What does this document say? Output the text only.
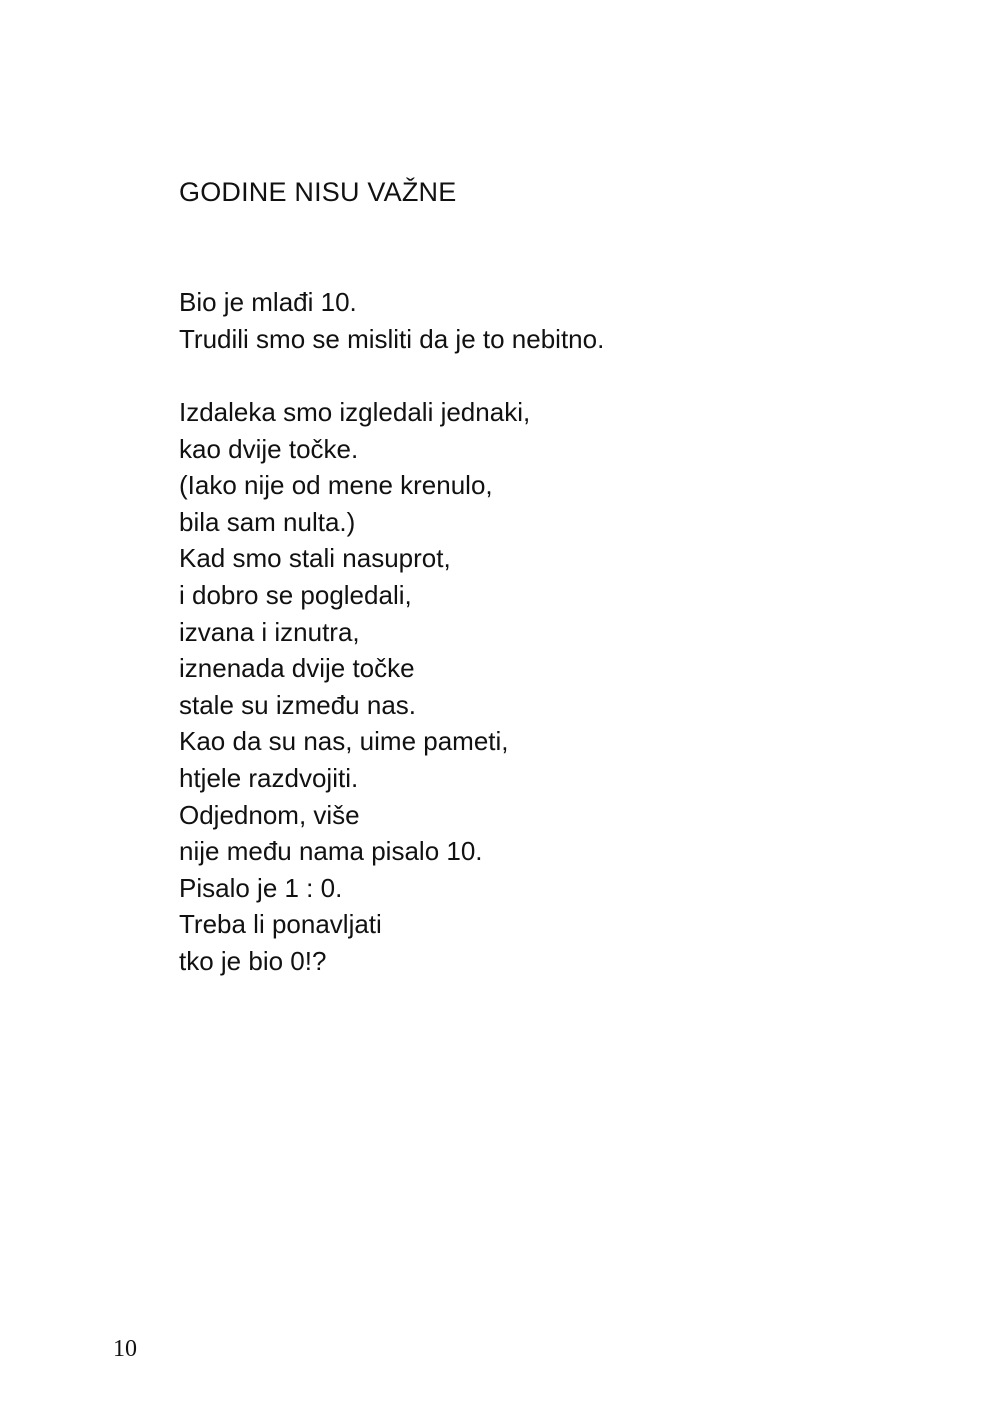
GODINE NISU VAŽNE
Bio je mlađi 10.
Trudili smo se misliti da je to nebitno.
Izdaleka smo izgledali jednaki,
kao dvije točke.
(Iako nije od mene krenulo,
bila sam nulta.)
Kad smo stali nasuprot,
i dobro se pogledali,
izvana i iznutra,
iznenada dvije točke
stale su između nas.
Kao da su nas, uime pameti,
htjele razdvojiti.
Odjednom, više
nije među nama pisalo 10.
Pisalo je 1 : 0.
Treba li ponavljati
tko je bio 0!?
10
